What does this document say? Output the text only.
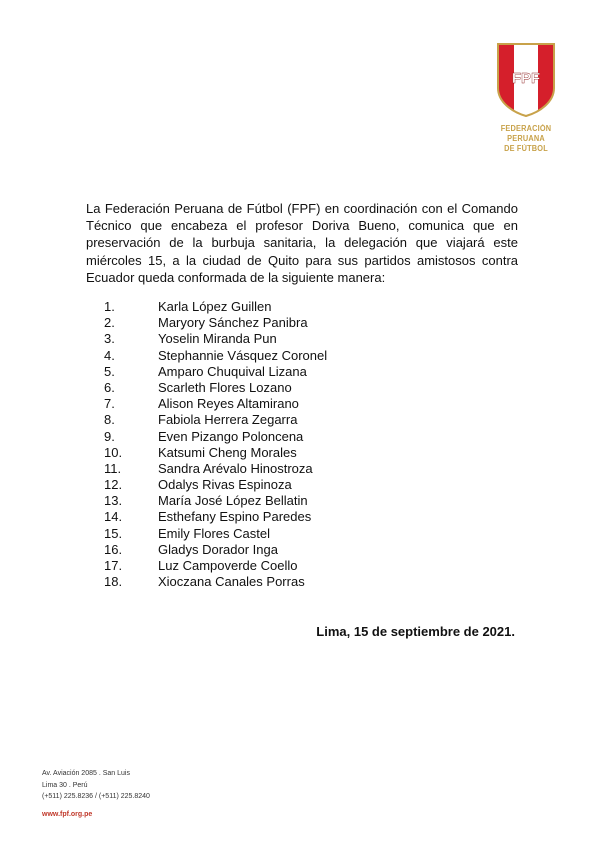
FPF
FEDERACIÓN PERUANA
DE FÚTBOL

La Federación Peruana de Fútbol (FPF) en coordinación con el Comando Técnico que encabeza el profesor Doriva Bueno, comunica que en preservación de la burbuja sanitaria, la delegación que viajará este miércoles 15, a la ciudad de Quito para sus partidos amistosos contra Ecuador queda conformada de la siguiente manera:

1.	Karla López Guillen
2.	Maryory Sánchez Panibra
3.	Yoselin Miranda Pun
4.	Stephannie Vásquez Coronel
5.	Amparo Chuquival Lizana
6.	Scarleth Flores Lozano
7.	Alison Reyes Altamirano
8.	Fabiola Herrera Zegarra
9.	Even Pizango Poloncena
10.	Katsumi Cheng Morales
11.	Sandra Arévalo Hinostroza
12.	Odalys Rivas Espinoza
13.	María José López Bellatin
14.	Esthefany Espino Paredes
15.	Emily Flores Castel
16.	Gladys Dorador Inga
17.	Luz Campoverde Coello
18.	Xioczana Canales Porras
Lima, 15 de septiembre de 2021.
Av. Aviación 2085 . San Luis
Lima 30 . Perú
(+511) 225.8236 / (+511) 225.8240
www.fpf.org.pe
